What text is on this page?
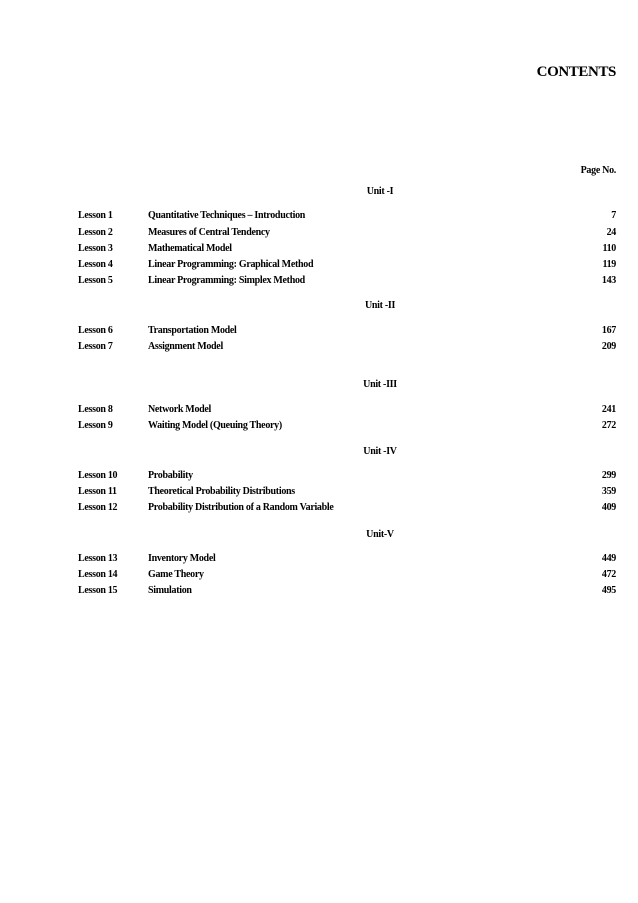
CONTENTS
Page No.
Unit -I
Lesson 1	Quantitative Techniques – Introduction	7
Lesson 2	Measures of Central Tendency	24
Lesson 3	Mathematical Model	110
Lesson 4	Linear Programming: Graphical Method	119
Lesson 5	Linear Programming: Simplex Method	143
Unit -II
Lesson 6	Transportation Model	167
Lesson 7	Assignment Model	209
Unit -III
Lesson 8	Network Model	241
Lesson 9	Waiting Model (Queuing Theory)	272
Unit -IV
Lesson 10	Probability	299
Lesson 11	Theoretical Probability Distributions	359
Lesson 12	Probability Distribution of a Random Variable	409
Unit-V
Lesson 13	Inventory Model	449
Lesson 14	Game Theory	472
Lesson 15	Simulation	495
